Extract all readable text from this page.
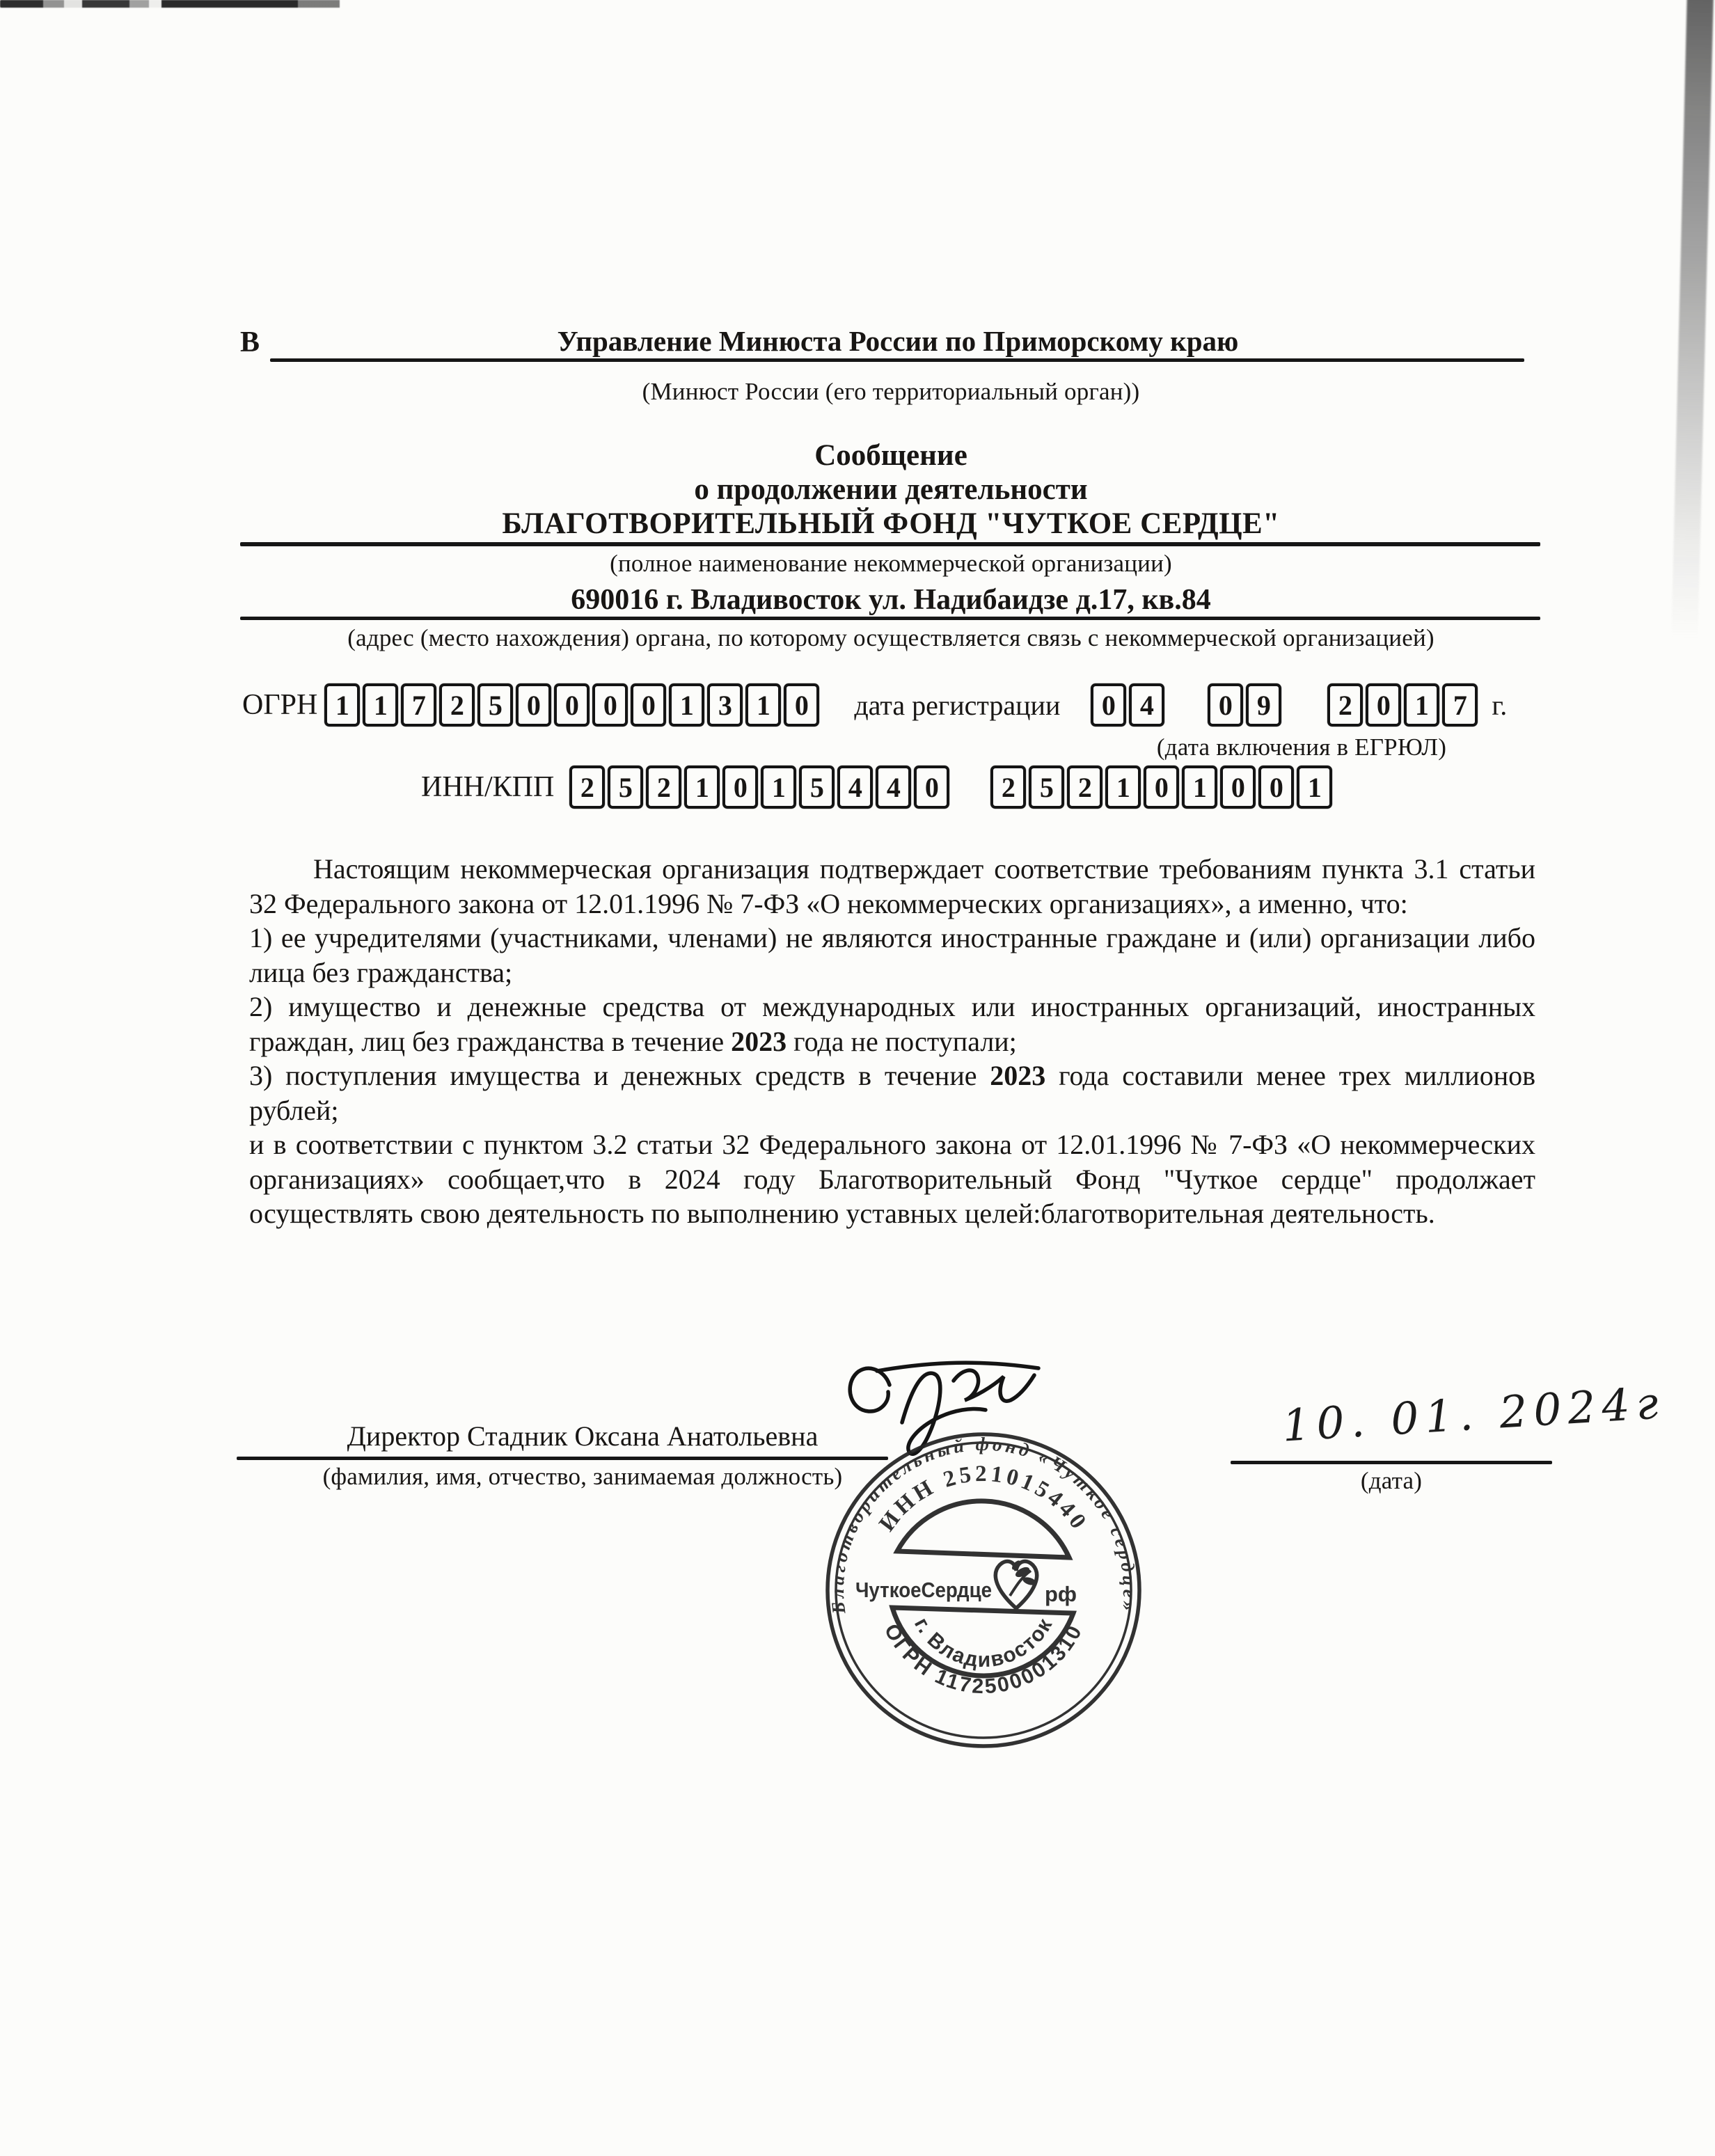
В	Управление Минюста России по Приморскому краю
(Минюст России (его территориальный орган))
Сообщение
о продолжении деятельности
БЛАГОТВОРИТЕЛЬНЫЙ ФОНД "ЧУТКОЕ СЕРДЦЕ"
(полное наименование некоммерческой организации)
690016 г. Владивосток ул. Надибаидзе д.17, кв.84
(адрес (место нахождения) органа, по которому осуществляется связь с некоммерческой организацией)
ОГРН 1 1 7 2 5 0 0 0 0 1 3 1 0	дата регистрации	0 4	0 9	2 0 1 7 г.
(дата включения в ЕГРЮЛ)
ИНН/КПП 2 5 2 1 0 1 5 4 4 0	2 5 2 1 0 1 0 0 1

Настоящим некоммерческая организация подтверждает соответствие требованиям пункта 3.1 статьи 32 Федерального закона от 12.01.1996 № 7-ФЗ «О некоммерческих организациях», а именно, что:

1) ее учредителями (участниками, членами) не являются иностранные граждане и (или) организации либо лица без гражданства;

2) имущество и денежные средства от международных или иностранных организаций, иностранных граждан, лиц без гражданства в течение 2023 года не поступали;

3) поступления имущества и денежных средств в течение 2023 года составили менее трех миллионов рублей;

и в соответствии с пунктом 3.2 статьи 32 Федерального закона от 12.01.1996 № 7-ФЗ «О некоммерческих организациях» сообщает,что в 2024 году Благотворительный Фонд "Чуткое сердце" продолжает осуществлять свою деятельность по выполнению уставных целей:благотворительная деятельность.

Директор Стадник Оксана Анатольевна
(фамилия, имя, отчество, занимаемая должность)
10. 01. 2024г
(дата)
Благотворительный фонд «Чуткое сердце»
ИНН 2521015440
ОГРН 1172500001310
г. Владивосток
ЧуткоеСердце рф
